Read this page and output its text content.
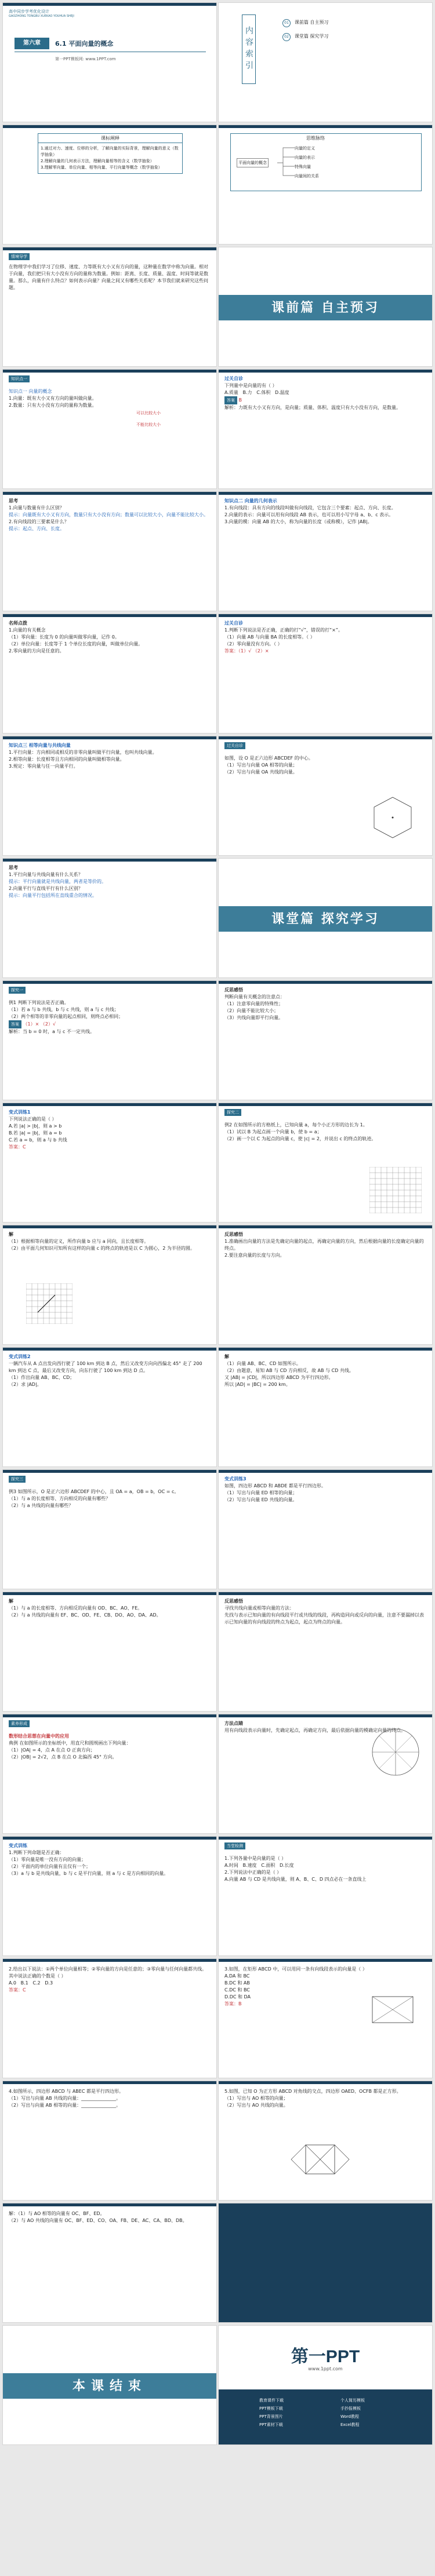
高中同步学考优化设计
GAOZHONG TONGBU XUEKAO YOUHUA SHEJI
第六章	6.1 平面向量的概念
第一PPT模板网: www.1PPT.com	内容索引
01 课前篇 自主预习
02 课堂篇 探究学习
课标阐释
1.通过对力、速度、位移的分析，了解向量的实际背景，理解向量的意义（数学抽象）
2.理解向量的几何表示方法，理解向量相等的含义（数学抽象）
3.理解零向量、单位向量、相等向量、平行向量等概念（数学抽象）
思维脉络
平面向量的概念
向量的定义
向量的表示
特殊向量
向量间的关系
情境导学

在物理学中我们学习了位移、速度、力等既有大小又有方向的量，这种量在数学中称为向量。相对于向量，我们把只有大小没有方向的量称为数量。例如：距离、长度、质量、温度、时间等就是数量。那么，向量有什么特点？如何表示向量？向量之间又有哪些关系呢？本节我们就来研究这些问题。

课前篇 自主预习
知识点一

知识点一 向量的概念

1.向量：既有大小又有方向的量叫做向量。

2.数量：只有大小没有方向的量称为数量。

可以比较大小
不能比较大小

过关自诊

下列量中是向量的有（ ）

A.质量 B.力 C.体积 D.温度

答案 B

解析：力既有大小又有方向，是向量；质量、体积、温度只有大小没有方向，是数量。

思考

1.向量与数量有什么区别？

提示：向量既有大小又有方向，数量只有大小没有方向；数量可以比较大小，向量不能比较大小。

2.有向线段的三要素是什么？

提示：起点、方向、长度。

知识点二 向量的几何表示

1.有向线段：具有方向的线段叫做有向线段，它包含三个要素：起点、方向、长度。

2.向量的表示：向量可以用有向线段 AB 表示，也可以用小写字母 a、b、c 表示。

3.向量的模：向量 AB 的大小，称为向量的长度（或称模），记作 |AB|。

名师点拨

1.向量的有关概念

（1）零向量：长度为 0 的向量叫做零向量，记作 0。

（2）单位向量：长度等于 1 个单位长度的向量，叫做单位向量。

2.零向量的方向是任意的。

过关自诊

1.判断下列说法是否正确，正确的打“√”，错误的打“×”。

（1）向量 AB 与向量 BA 的长度相等。（ ）

（2）零向量没有方向。（ ）

答案：（1）√ （2）×

知识点三 相等向量与共线向量

1.平行向量：方向相同或相反的非零向量叫做平行向量，也叫共线向量。

2.相等向量：长度相等且方向相同的向量叫做相等向量。

3.规定：零向量与任一向量平行。

过关自诊

如图，设 O 是正六边形 ABCDEF 的中心。

（1）写出与向量 OA 相等的向量；

（2）写出与向量 OA 共线的向量。

思考

1.平行向量与共线向量有什么关系？

提示：平行向量就是共线向量，两者是等价的。

2.向量平行与直线平行有什么区别？

提示：向量平行包括所在直线重合的情况。

课堂篇 探究学习
探究一

例1 判断下列说法是否正确。

（1）若 a 与 b 共线，b 与 c 共线，则 a 与 c 共线；

（2）两个相等的非零向量的起点相同，则终点必相同；

答案 （1）× （2）√

解析：当 b = 0 时，a 与 c 不一定共线。

反思感悟

判断向量有关概念的注意点：

（1）注意零向量的特殊性；

（2）向量不能比较大小；

（3）共线向量即平行向量。

变式训练1

下列说法正确的是（ ）

A.若 |a| > |b|，则 a > b

B.若 |a| = |b|，则 a = b

C.若 a = b，则 a 与 b 共线

答案：C

探究二

例2 在如图所示的方格纸上，已知向量 a，每个小正方形的边长为 1。

（1）试以 B 为起点画一个向量 b，使 b = a；

（2）画一个以 C 为起点的向量 c，使 |c| = 2，并说出 c 的终点的轨迹。

解

（1）根据相等向量的定义，所作向量 b 应与 a 同向，且长度相等。

（2）由平面几何知识可知所有这样的向量 c 的终点的轨迹是以 C 为圆心，2 为半径的圆。

反思感悟

1.准确画出向量的方法是先确定向量的起点，再确定向量的方向，然后根据向量的长度确定向量的终点。

2.要注意向量的长度与方向。

变式训练2

一辆汽车从 A 点出发向西行驶了 100 km 到达 B 点，然后又改变方向向西偏北 45° 走了 200 km 到达 C 点，最后又改变方向，向东行驶了 100 km 到达 D 点。

（1）作出向量 AB、BC、CD；

（2）求 |AD|。

解

（1）向量 AB、BC、CD 如图所示。

（2）由题意，易知 AB 与 CD 方向相反，故 AB 与 CD 共线。

又 |AB| = |CD|，所以四边形 ABCD 为平行四边形。

所以 |AD| = |BC| = 200 km。

探究三

例3 如图所示，O 是正六边形 ABCDEF 的中心，且 OA = a，OB = b，OC = c。

（1）与 a 的长度相等、方向相反的向量有哪些？

（2）与 a 共线的向量有哪些？

变式训练3

如图，四边形 ABCD 和 ABDE 都是平行四边形。

（1）写出与向量 ED 相等的向量；

（2）写出与向量 ED 共线的向量。

解

（1）与 a 的长度相等、方向相反的向量有 OD、BC、AO、FE。

（2）与 a 共线的向量有 EF、BC、OD、FE、CB、DO、AO、DA、AD。

反思感悟

寻找共线向量或相等向量的方法：

先找与表示已知向量的有向线段平行或共线的线段，再构造同向或反向的向量，注意不要漏掉以表示已知向量的有向线段的终点为起点，起点为终点的向量。

素养形成

数形结合思想在向量中的应用

典例 在如图所示的坐标纸中，用直尺和圆规画出下列向量：

（1）|OA| = 4，点 A 在点 O 正南方向；

（2）|OB| = 2√2，点 B 在点 O 北偏西 45° 方向。

方法点睛

用有向线段表示向量时，先确定起点，再确定方向，最后依据向量的模确定向量的终点。

变式训练

1.判断下列命题是否正确：

（1）零向量是唯一没有方向的向量；

（2）平面内的单位向量有且仅有一个；

（3）a 与 b 是共线向量，b 与 c 是平行向量，则 a 与 c 是方向相同的向量。

当堂检测

1.下列各量中是向量的是（ ）

A.时间 B.速度 C.面积 D.长度

2.下列说法中正确的是（ ）

A.向量 AB 与 CD 是共线向量，则 A、B、C、D 四点必在一条直线上

2.给出以下说法：①两个单位向量相等；②零向量的方向是任意的；③零向量与任何向量都共线。

其中说法正确的个数是（ ）

A.0 B.1 C.2 D.3

答案：C

3.如图，在矩形 ABCD 中，可以用同一条有向线段表示的向量是（ ）

A.DA 和 BC

B.DC 和 AB

C.DC 和 BC

D.DC 和 DA

答案：B

4.如图所示，四边形 ABCD 与 ABEC 都是平行四边形。

（1）写出与向量 AB 共线的向量：_______________。

（2）写出与向量 AB 相等的向量：_______________。

5.如图，已知 O 为正方形 ABCD 对角线的交点，四边形 OAED、OCFB 都是正方形。

（1）写出与 AO 相等的向量；

（2）写出与 AO 共线的向量。

解：（1）与 AO 相等的向量有 OC、BF、ED。

（2）与 AO 共线的向量有 OC、BF、ED、CO、OA、FB、DE、AC、CA、BD、DB。

本课结束
第一PPT
www.1ppt.com
教育课件下载
PPT模板下载
PPT背景图片
PPT素材下载
个人简历模板
手抄报模板
Word教程
Excel教程
